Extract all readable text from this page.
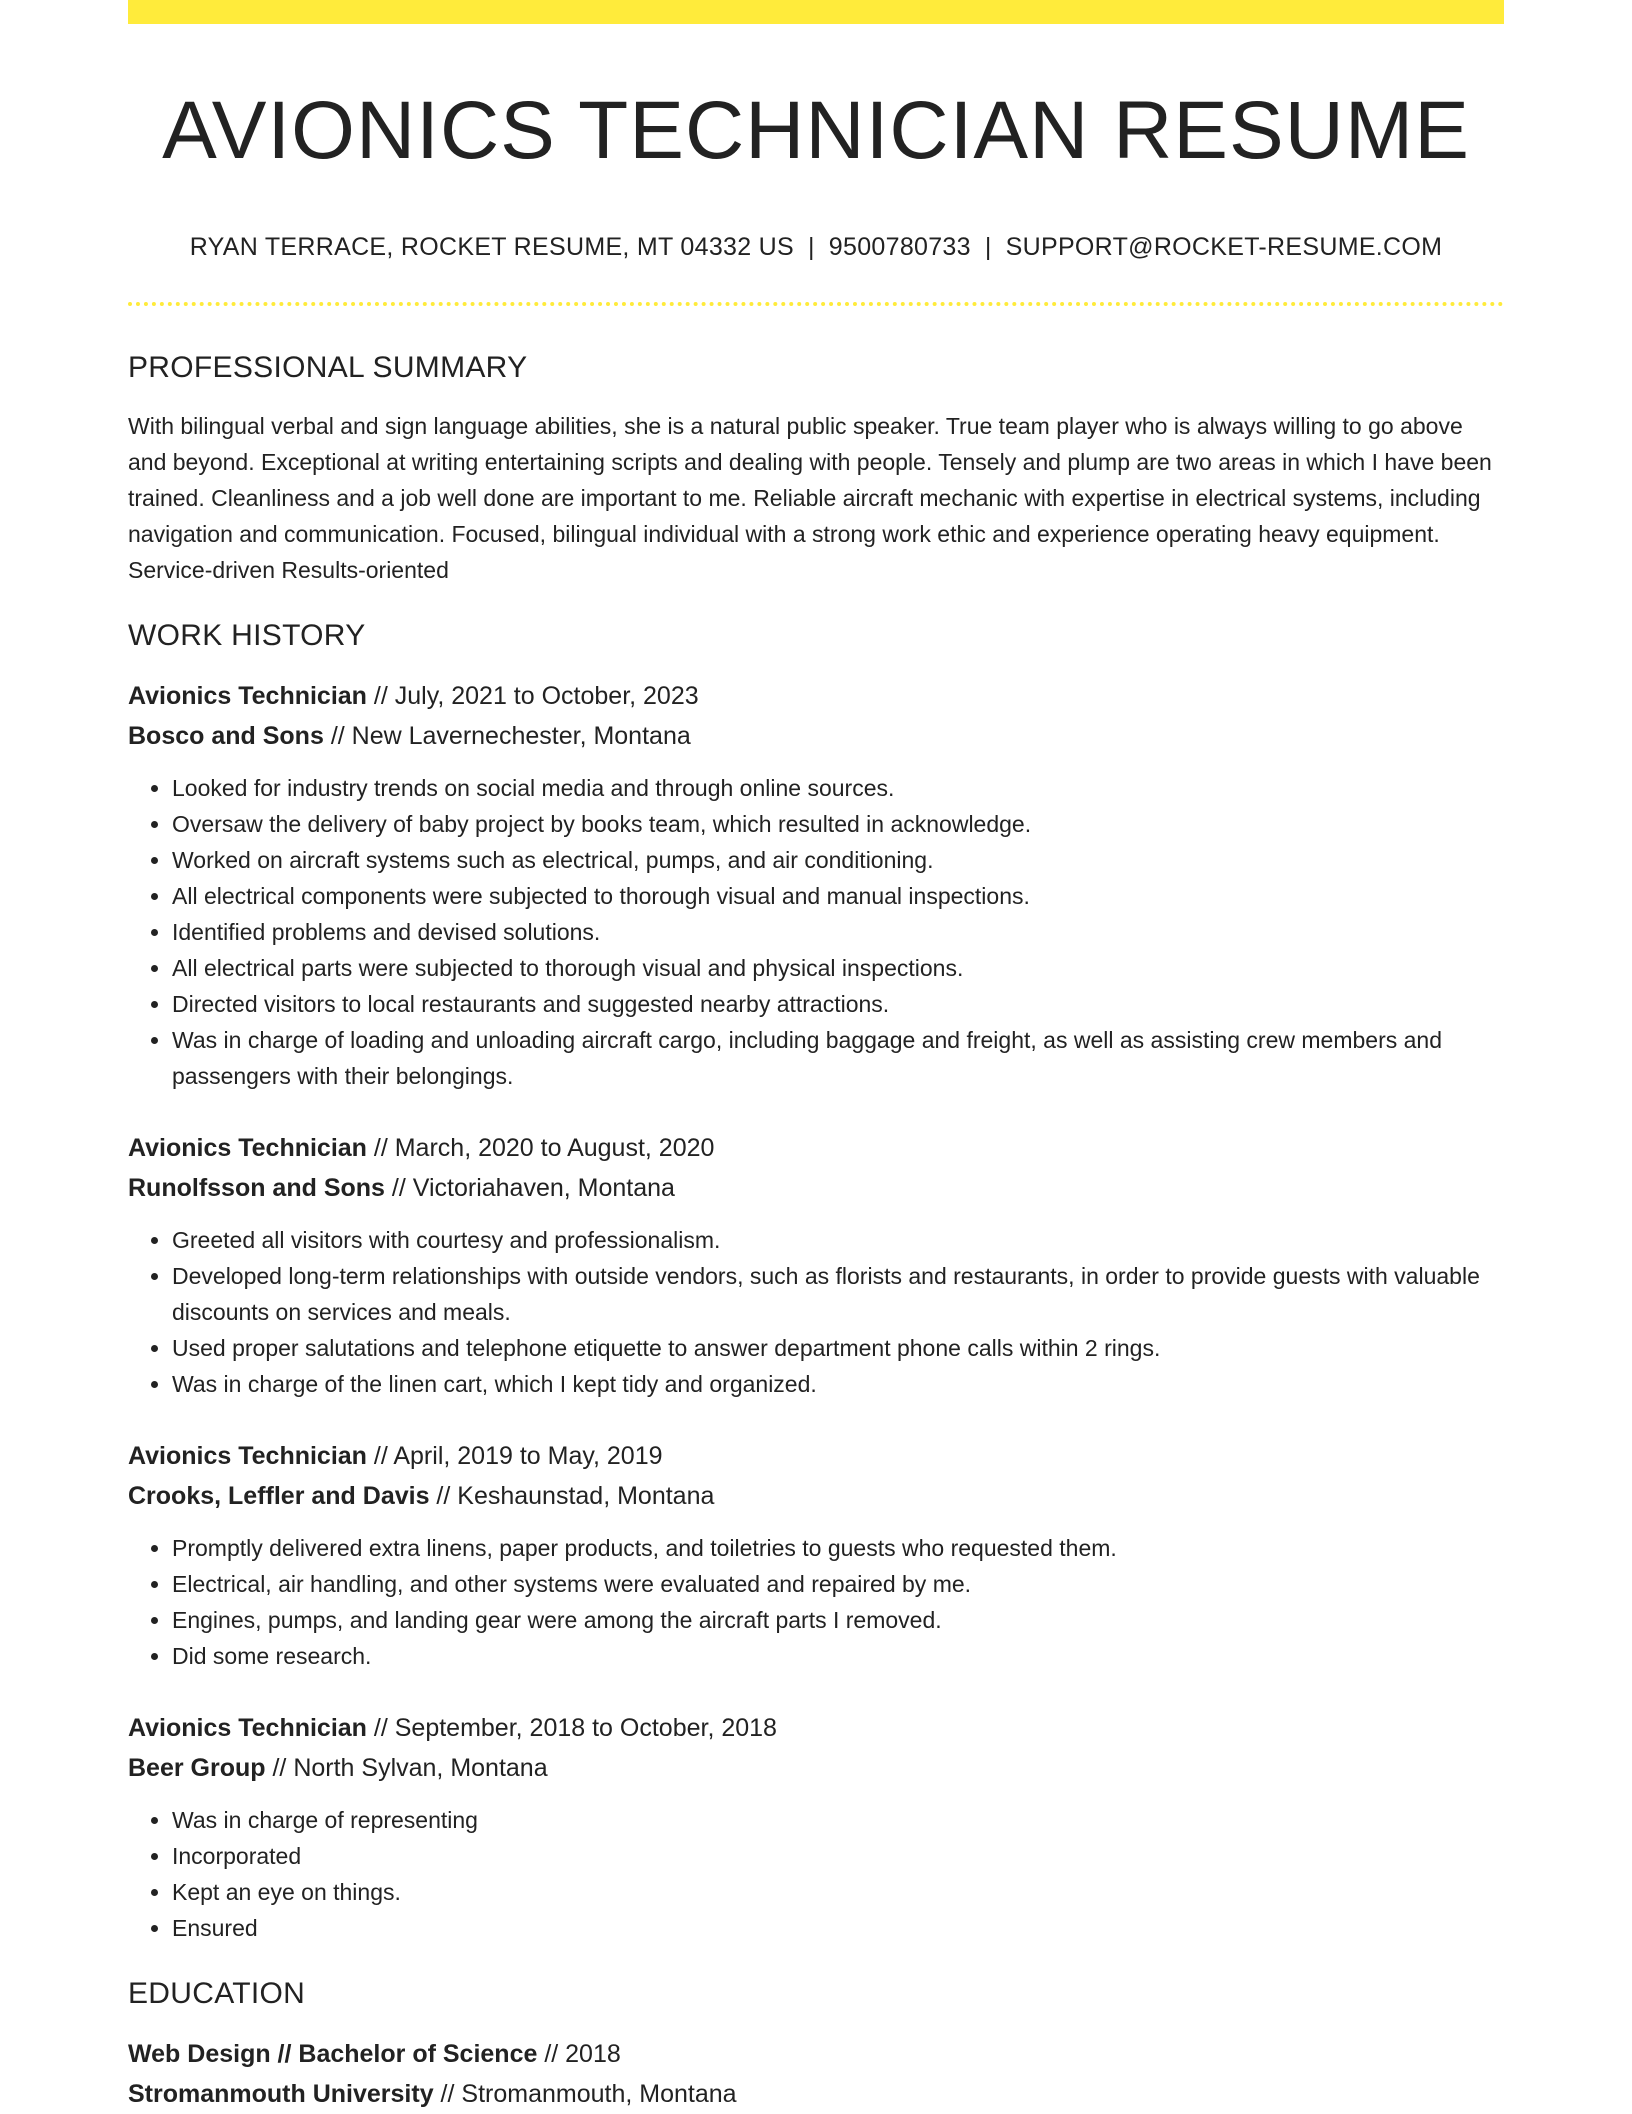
AVIONICS TECHNICIAN RESUME
RYAN TERRACE, ROCKET RESUME, MT 04332 US | 9500780733 | SUPPORT@ROCKET-RESUME.COM
PROFESSIONAL SUMMARY

With bilingual verbal and sign language abilities, she is a natural public speaker. True team player who is always willing to go above and beyond. Exceptional at writing entertaining scripts and dealing with people. Tensely and plump are two areas in which I have been trained. Cleanliness and a job well done are important to me. Reliable aircraft mechanic with expertise in electrical systems, including navigation and communication. Focused, bilingual individual with a strong work ethic and experience operating heavy equipment. Service-driven Results-oriented

WORK HISTORY
Avionics Technician // July, 2021 to October, 2023
Bosco and Sons // New Lavernechester, Montana
• Looked for industry trends on social media and through online sources.
• Oversaw the delivery of baby project by books team, which resulted in acknowledge.
• Worked on aircraft systems such as electrical, pumps, and air conditioning.
• All electrical components were subjected to thorough visual and manual inspections.
• Identified problems and devised solutions.
• All electrical parts were subjected to thorough visual and physical inspections.
• Directed visitors to local restaurants and suggested nearby attractions.
• Was in charge of loading and unloading aircraft cargo, including baggage and freight, as well as assisting crew members and passengers with their belongings.
Avionics Technician // March, 2020 to August, 2020
Runolfsson and Sons // Victoriahaven, Montana
• Greeted all visitors with courtesy and professionalism.
• Developed long-term relationships with outside vendors, such as florists and restaurants, in order to provide guests with valuable discounts on services and meals.
• Used proper salutations and telephone etiquette to answer department phone calls within 2 rings.
• Was in charge of the linen cart, which I kept tidy and organized.
Avionics Technician // April, 2019 to May, 2019
Crooks, Leffler and Davis // Keshaunstad, Montana
• Promptly delivered extra linens, paper products, and toiletries to guests who requested them.
• Electrical, air handling, and other systems were evaluated and repaired by me.
• Engines, pumps, and landing gear were among the aircraft parts I removed.
• Did some research.
Avionics Technician // September, 2018 to October, 2018
Beer Group // North Sylvan, Montana
• Was in charge of representing
• Incorporated
• Kept an eye on things.
• Ensured
EDUCATION
Web Design // Bachelor of Science // 2018
Stromanmouth University // Stromanmouth, Montana
